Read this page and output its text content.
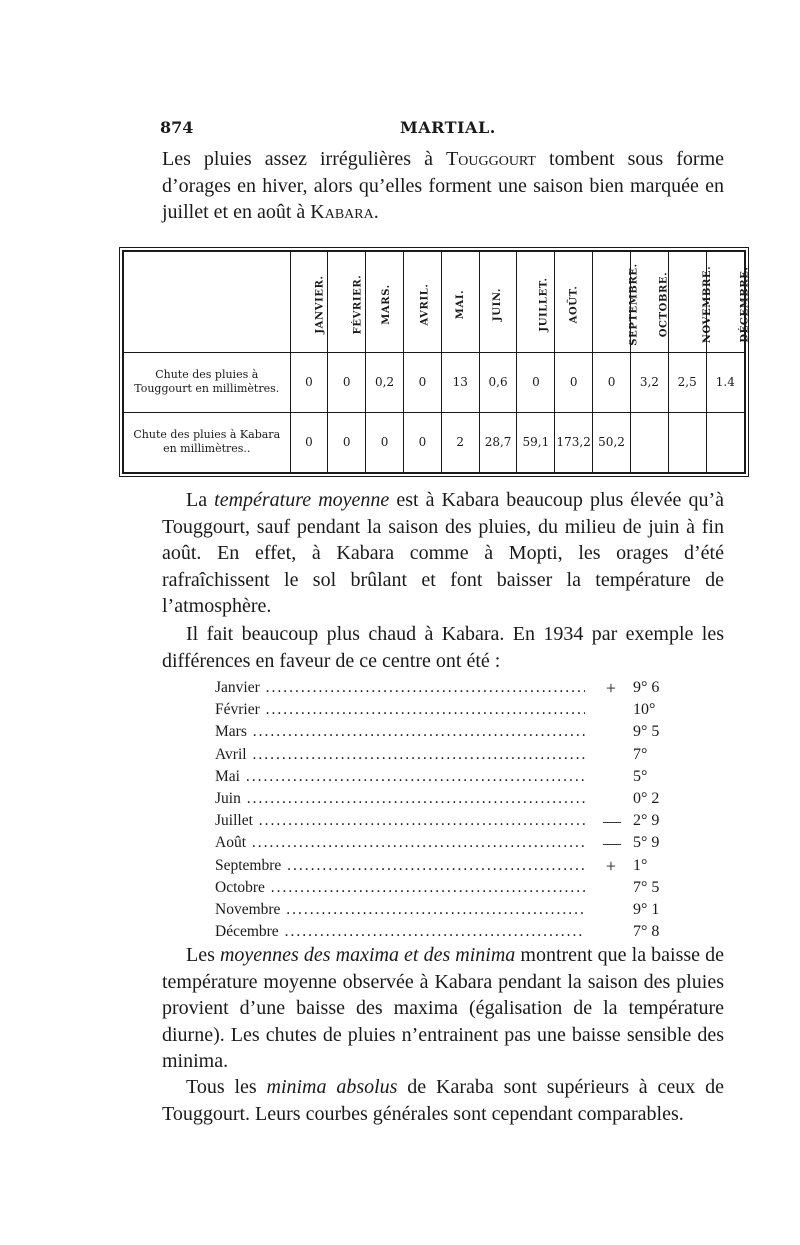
874	MARTIAL.

Les pluies assez irrégulières à Touggourt tombent sous forme d’orages en hiver, alors qu’elles forment une saison bien marquée en juillet et en août à Kabara.

	JANVIER.	FÉVRIER.	MARS.	AVRIL.	MAI.	JUIN.	JUILLET.	AOÛT.	SEPTEMBRE.	OCTOBRE.	NOVEMBRE.	DÉCEMBRE.
Chute des pluies à Touggourt en millimètres.	0	0	0,2	0	13	0,6	0	0	0	3,2	2,5	1.4
Chute des pluies à Kabara en millimètres..	0	0	0	0	2	28,7	59,1	173,2	50,2			

La température moyenne est à Kabara beaucoup plus élevée qu’à Touggourt, sauf pendant la saison des pluies, du milieu de juin à fin août. En effet, à Kabara comme à Mopti, les orages d’été rafraîchissent le sol brûlant et font baisser la température de l’atmosphère.

Il fait beaucoup plus chaud à Kabara. En 1934 par exemple les différences en faveur de ce centre ont été :

Janvier .....	+ 9° 6
Février .....	10°
Mars .....	9° 5
Avril .....	7°
Mai .....	5°
Juin .....	0° 2
Juillet .....	— 2° 9
Août .....	— 5° 9
Septembre .....	+ 1°
Octobre .....	7° 5
Novembre .....	9° 1
Décembre .....	7° 8

Les moyennes des maxima et des minima montrent que la baisse de température moyenne observée à Kabara pendant la saison des pluies provient d’une baisse des maxima (égalisation de la température diurne). Les chutes de pluies n’entrainent pas une baisse sensible des minima.

Tous les minima absolus de Karaba sont supérieurs à ceux de Touggourt. Leurs courbes générales sont cependant comparables.
